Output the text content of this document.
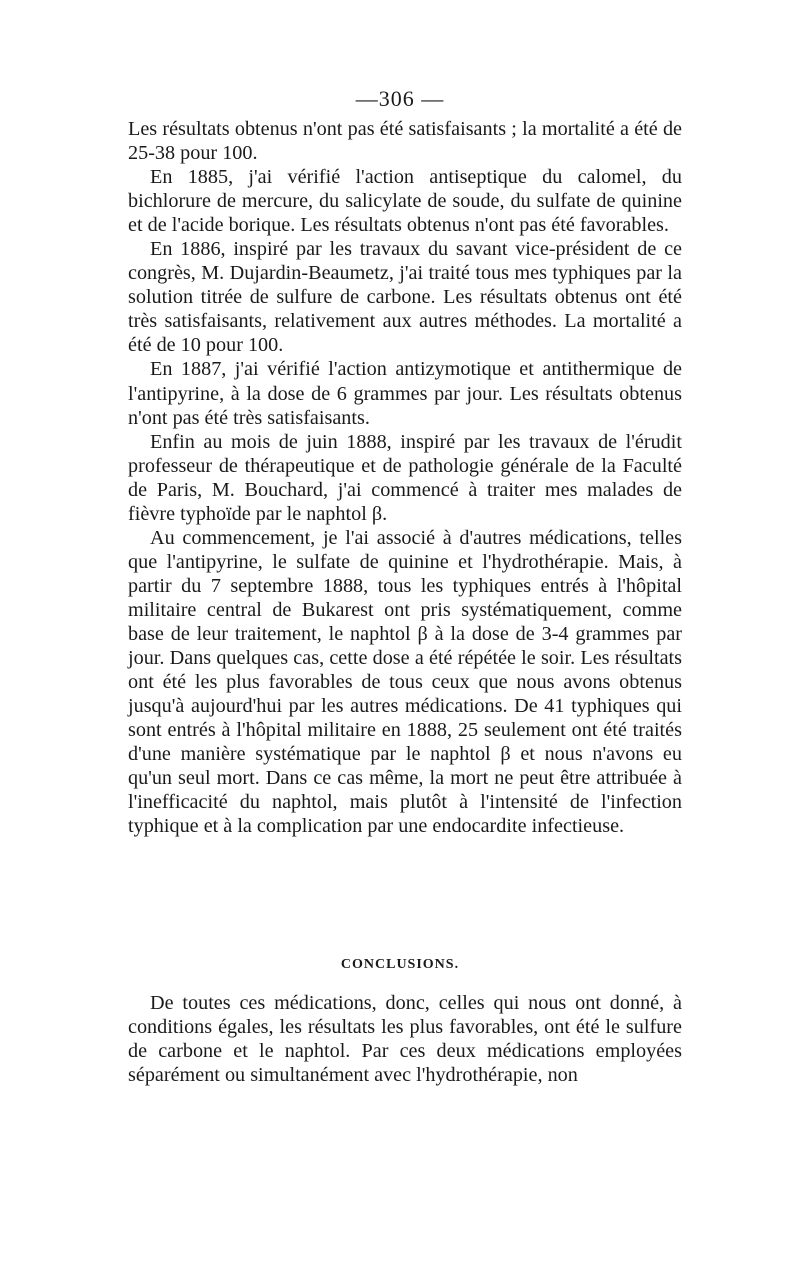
—306 —

Les résultats obtenus n'ont pas été satisfaisants ; la mortalité a été de 25-38 pour 100.

En 1885, j'ai vérifié l'action antiseptique du calomel, du bichlorure de mercure, du salicylate de soude, du sulfate de quinine et de l'acide borique. Les résultats obtenus n'ont pas été favorables.

En 1886, inspiré par les travaux du savant vice-président de ce congrès, M. Dujardin-Beaumetz, j'ai traité tous mes typhiques par la solution titrée de sulfure de carbone. Les résultats obtenus ont été très satisfaisants, relativement aux autres méthodes. La mortalité a été de 10 pour 100.

En 1887, j'ai vérifié l'action antizymotique et antithermique de l'antipyrine, à la dose de 6 grammes par jour. Les résultats obtenus n'ont pas été très satisfaisants.

Enfin au mois de juin 1888, inspiré par les travaux de l'érudit professeur de thérapeutique et de pathologie générale de la Faculté de Paris, M. Bouchard, j'ai commencé à traiter mes malades de fièvre typhoïde par le naphtol β.

Au commencement, je l'ai associé à d'autres médications, telles que l'antipyrine, le sulfate de quinine et l'hydrothérapie. Mais, à partir du 7 septembre 1888, tous les typhiques entrés à l'hôpital militaire central de Bukarest ont pris systématiquement, comme base de leur traitement, le naphtol β à la dose de 3-4 grammes par jour. Dans quelques cas, cette dose a été répétée le soir. Les résultats ont été les plus favorables de tous ceux que nous avons obtenus jusqu'à aujourd'hui par les autres médications. De 41 typhiques qui sont entrés à l'hôpital militaire en 1888, 25 seulement ont été traités d'une manière systématique par le naphtol β et nous n'avons eu qu'un seul mort. Dans ce cas même, la mort ne peut être attribuée à l'inefficacité du naphtol, mais plutôt à l'intensité de l'infection typhique et à la complication par une endocardite infectieuse.

CONCLUSIONS.

De toutes ces médications, donc, celles qui nous ont donné, à conditions égales, les résultats les plus favorables, ont été le sulfure de carbone et le naphtol. Par ces deux médications employées séparément ou simultanément avec l'hydrothérapie, non
